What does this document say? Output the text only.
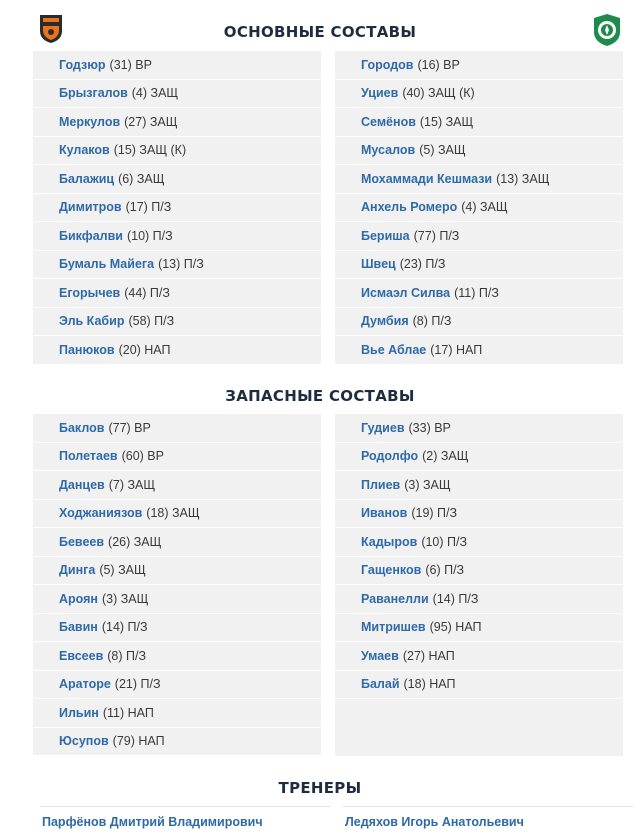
ОСНОВНЫЕ СОСТАВЫ
ЗАПАСНЫЕ СОСТАВЫ
ТРЕНЕРЫ
Годзюр (31) ВР
Брызгалов (4) ЗАЩ
Меркулов (27) ЗАЩ
Кулаков (15) ЗАЩ (К)
Балажиц (6) ЗАЩ
Димитров (17) П/З
Бикфалви (10) П/З
Бумаль Майега (13) П/З
Егорычев (44) П/З
Эль Кабир (58) П/З
Панюков (20) НАП
Городов (16) ВР
Уциев (40) ЗАЩ (К)
Семёнов (15) ЗАЩ
Мусалов (5) ЗАЩ
Мохаммади Кешмази (13) ЗАЩ
Анхель Ромеро (4) ЗАЩ
Бериша (77) П/З
Швец (23) П/З
Исмаэл Силва (11) П/З
Думбия (8) П/З
Вье Аблае (17) НАП
Баклов (77) ВР
Полетаев (60) ВР
Данцев (7) ЗАЩ
Ходжаниязов (18) ЗАЩ
Бевеев (26) ЗАЩ
Динга (5) ЗАЩ
Ароян (3) ЗАЩ
Бавин (14) П/З
Евсеев (8) П/З
Араторе (21) П/З
Ильин (11) НАП
Юсупов (79) НАП
Гудиев (33) ВР
Родолфо (2) ЗАЩ
Плиев (3) ЗАЩ
Иванов (19) П/З
Кадыров (10) П/З
Гащенков (6) П/З
Раванелли (14) П/З
Митришев (95) НАП
Умаев (27) НАП
Балай (18) НАП
Парфёнов Дмитрий Владимирович	Ледяхов Игорь Анатольевич
